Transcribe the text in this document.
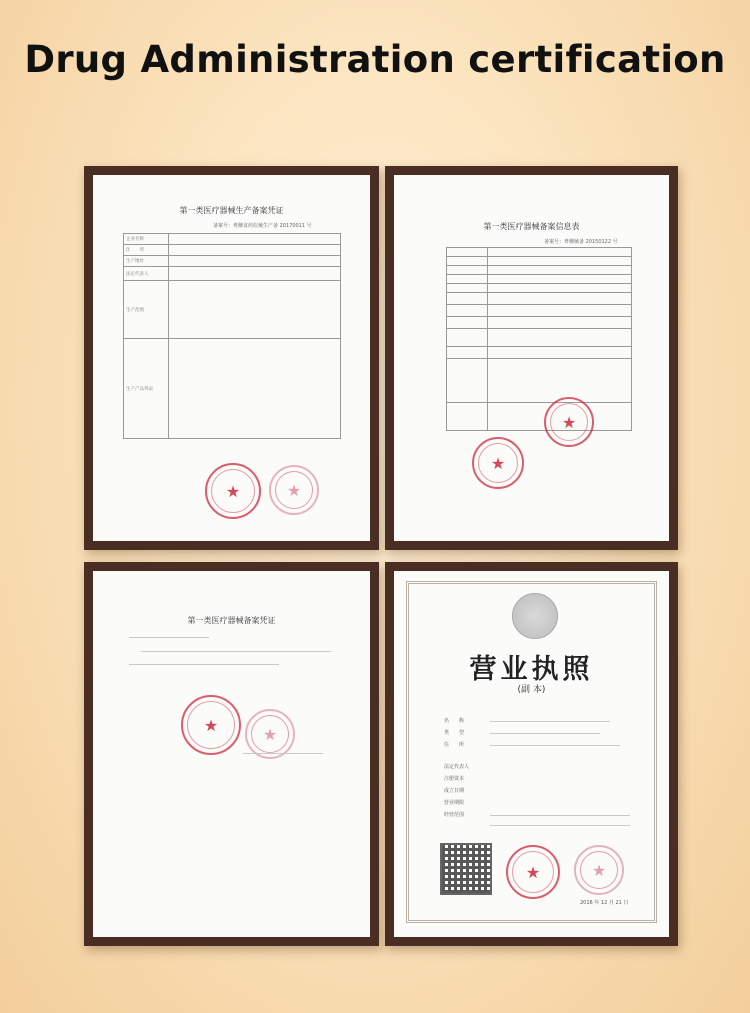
Drug Administration certification
第一类医疗器械生产备案凭证
备案号：粤穗食药监械生产备 20170011 号
企业名称	
住　　所	
生产地址	
法定代表人	
生产范围	
生产产品列表	
★	★
第一类医疗器械备案信息表
备案号：粤穗械备 20150122 号

★
★
第一类医疗器械备案凭证
★	★
营业执照
(副 本)
名　　称
类　　型
住　　所
法定代表人
注册资本
成立日期
营业期限
经营范围
★	★
2016 年 12 月 21 日
